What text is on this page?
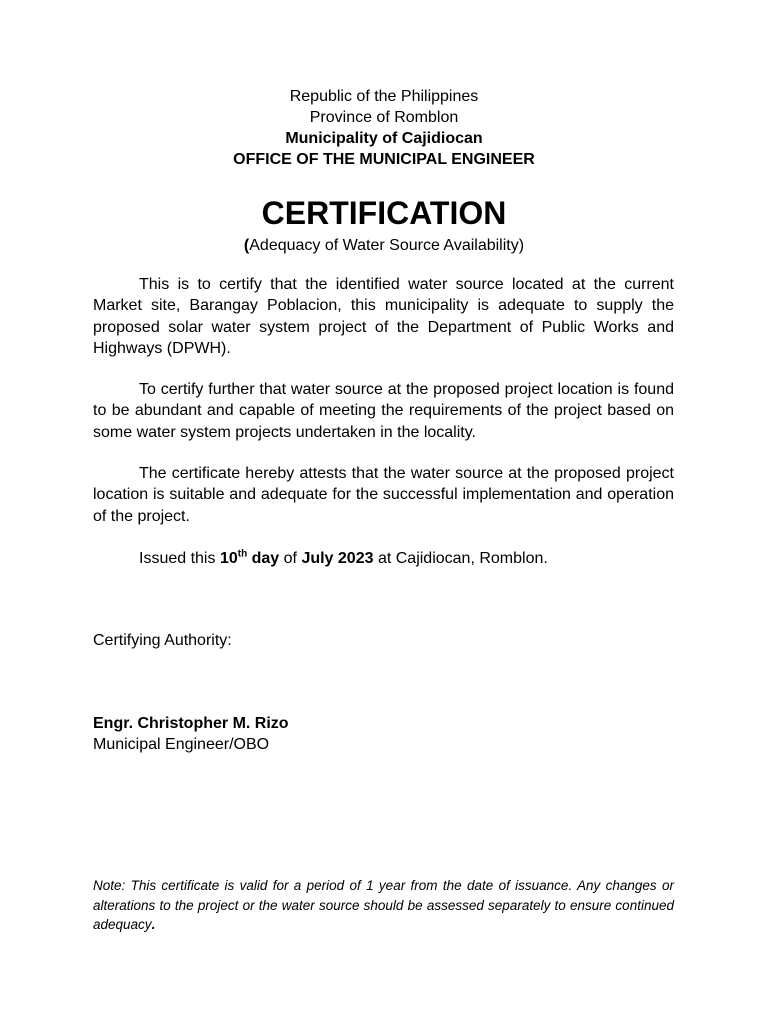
Republic of the Philippines
Province of Romblon
Municipality of Cajidiocan
OFFICE OF THE MUNICIPAL ENGINEER
CERTIFICATION
(Adequacy of Water Source Availability)
This is to certify that the identified water source located at the current Market site, Barangay Poblacion, this municipality is adequate to supply the proposed solar water system project of the Department of Public Works and Highways (DPWH).
To certify further that water source at the proposed project location is found to be abundant and capable of meeting the requirements of the project based on some water system projects undertaken in the locality.
The certificate hereby attests that the water source at the proposed project location is suitable and adequate for the successful implementation and operation of the project.
Issued this 10th day of July 2023 at Cajidiocan, Romblon.
Certifying Authority:
Engr. Christopher M. Rizo
Municipal Engineer/OBO
Note: This certificate is valid for a period of 1 year from the date of issuance. Any changes or alterations to the project or the water source should be assessed separately to ensure continued adequacy.
